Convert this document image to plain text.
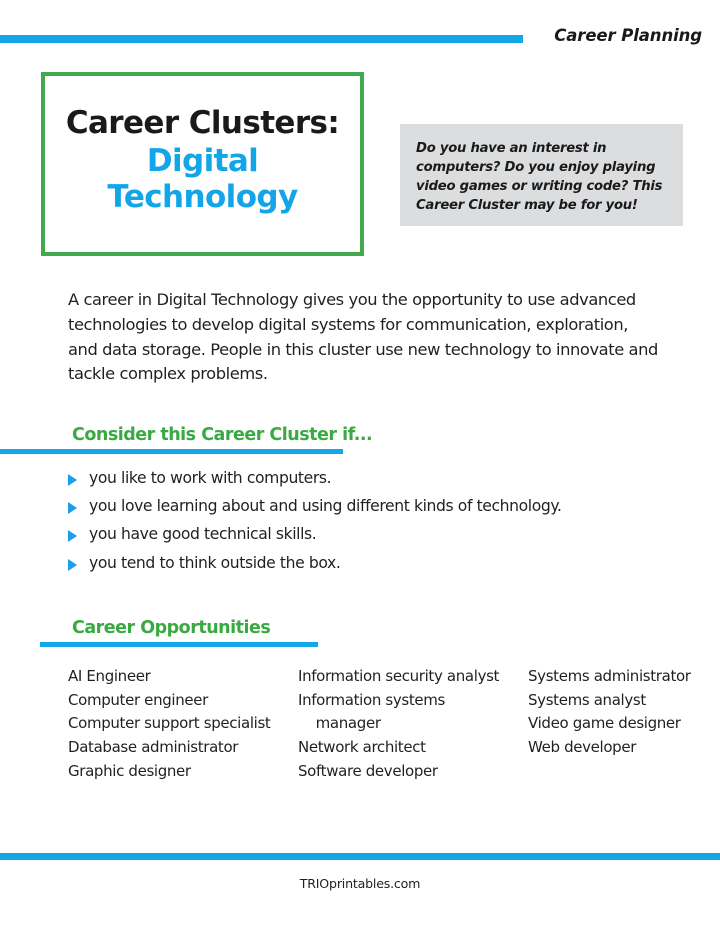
Career Planning
Career Clusters:
Digital
Technology

Do you have an interest in computers? Do you enjoy playing video games or writing code? This Career Cluster may be for you!

A career in Digital Technology gives you the opportunity to use advanced technologies to develop digital systems for communication, exploration, and data storage. People in this cluster use new technology to innovate and tackle complex problems.

Consider this Career Cluster if...
you like to work with computers.
you love learning about and using different kinds of technology.
you have good technical skills.
you tend to think outside the box.
Career Opportunities
AI Engineer
Computer engineer
Computer support specialist
Database administrator
Graphic designer
Information security analyst
Information systems
manager
Network architect
Software developer
Systems administrator
Systems analyst
Video game designer
Web developer
TRIOprintables.com
